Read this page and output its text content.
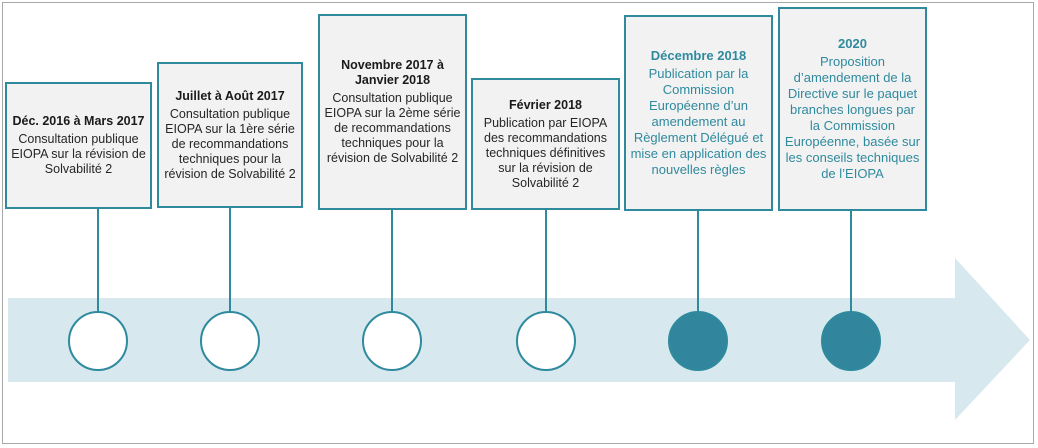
Déc. 2016 à Mars 2017
Consultation publique EIOPA sur la révision de Solvabilité 2
Juillet à Août 2017
Consultation publique EIOPA sur la 1ère série de recommandations techniques pour la révision de Solvabilité 2
Novembre 2017 à Janvier 2018
Consultation publique EIOPA sur la 2ème série de recommandations techniques pour la révision de Solvabilité 2
Février 2018
Publication par EIOPA des recommandations techniques définitives sur la révision de Solvabilité 2
Décembre 2018
Publication par la Commission Européenne d’un amendement au Règlement Délégué et mise en application des nouvelles règles
2020
Proposition d’amendement de la Directive sur le paquet branches longues par la Commission Européenne, basée sur les conseils techniques de l’EIOPA
